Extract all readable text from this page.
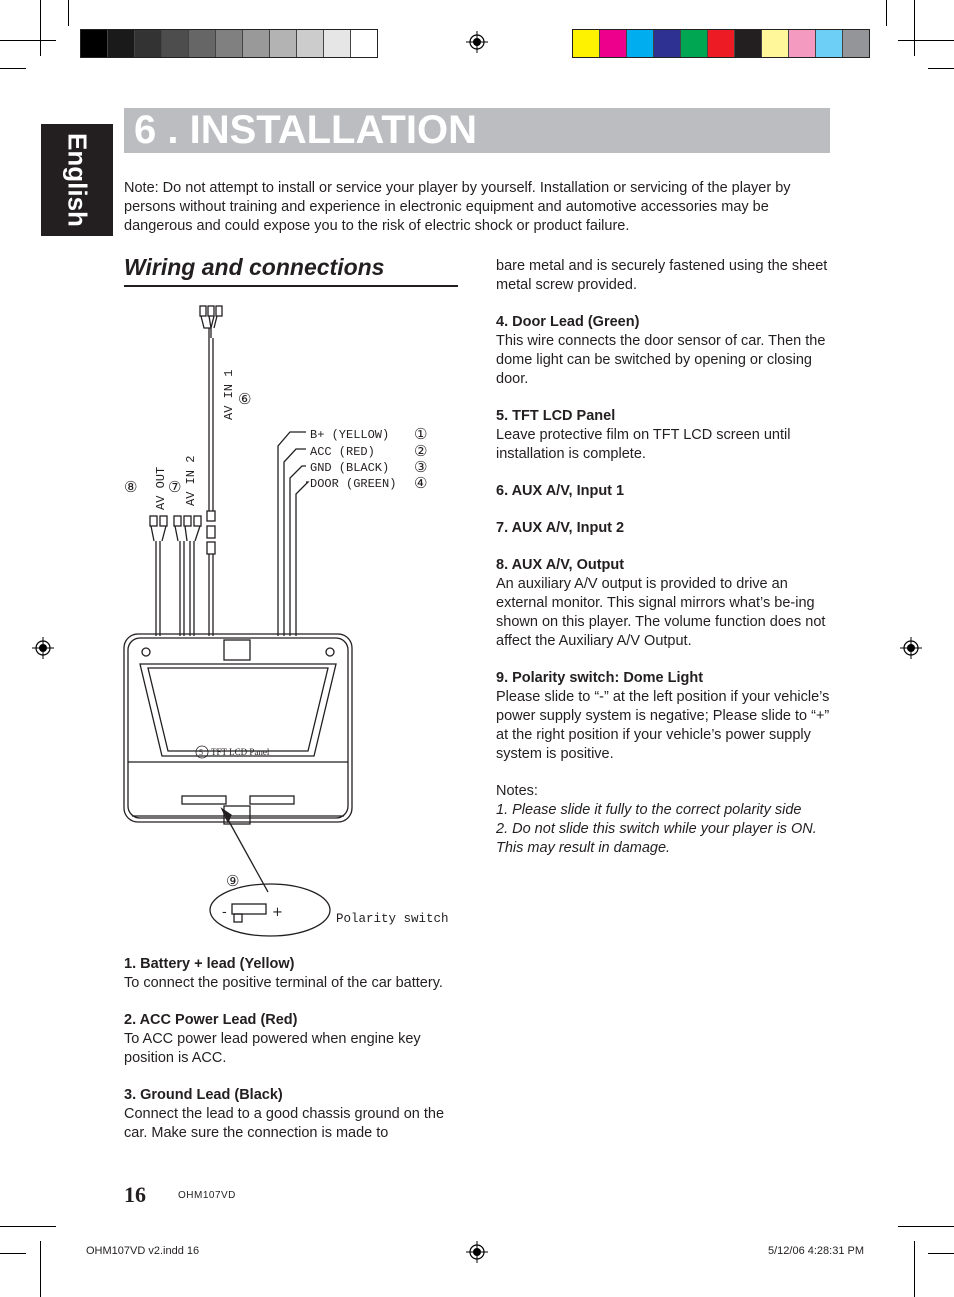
English
6 . INSTALLATION
Note: Do not attempt to install or service your player by yourself. Installation or servicing of the player by persons without training and experience in electronic equipment and automotive accessories may be dangerous and could expose you to the risk of electric shock or product failure.
Wiring and connections
B+ (YELLOW)
ACC (RED)
GND (BLACK)
DOOR (GREEN)
AV IN 1
AV IN 2
AV OUT
Polarity switch
①
②
③
④
⑥
⑦
⑧
⑨
-	+
5 TFT LCD Panel

1. Battery + lead (Yellow)
To connect the positive terminal of the car battery.

2. ACC Power Lead (Red)
To ACC power lead powered when engine key position is ACC.

3. Ground Lead (Black)
Connect the lead to a good chassis ground on the car. Make sure the connection is made to

bare metal and is securely fastened using the sheet metal screw provided.

4. Door Lead (Green)
This wire connects the door sensor of car. Then the dome light can be switched by opening or closing door.

5. TFT LCD Panel
Leave protective film on TFT LCD screen until installation is complete.

6. AUX A/V, Input 1

7. AUX A/V, Input 2

8. AUX A/V, Output
An auxiliary A/V output is provided to drive an external monitor. This signal mirrors what’s be-ing shown on this player. The volume function does not affect the Auxiliary A/V Output.

9. Polarity switch: Dome Light
Please slide to “-” at the left position if your vehicle’s power supply system is negative; Please slide to “+” at the right position if your vehicle’s power supply system is positive.

Notes:
1. Please slide it fully to the correct polarity side
2. Do not slide this switch while your player is ON. This may result in damage.

16	OHM107VD
OHM107VD v2.indd 16	5/12/06 4:28:31 PM
